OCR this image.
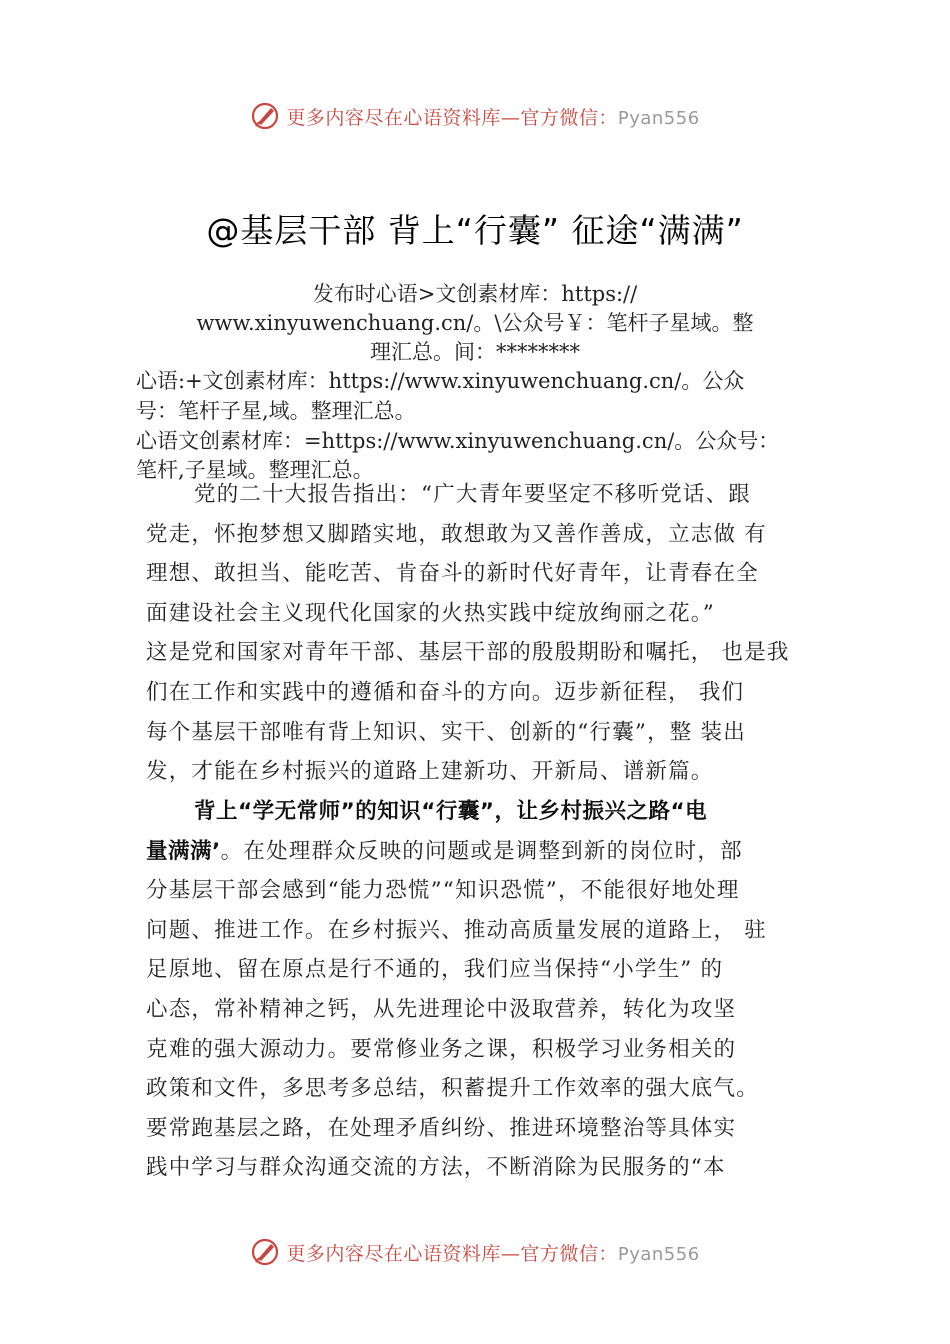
更多内容尽在心语资料库—官方微信：Pyan556
@基层干部 背上“行囊” 征途“满满”
发布时心语>文创素材库：https://
www.xinyuwenchuang.cn/。\公众号￥：笔杆子星域。整
理汇总。间：********
心语:+文创素材库：https://www.xinyuwenchuang.cn/。公众
号：笔杆子星,域。整理汇总。
心语文创素材库：=https://www.xinyuwenchuang.cn/。公众号：
笔杆,子星域。整理汇总。
党的二十大报告指出：“广大青年要坚定不移听党话、跟
党走，怀抱梦想又脚踏实地，敢想敢为又善作善成，立志做 有
理想、敢担当、能吃苦、肯奋斗的新时代好青年，让青春在全
面建设社会主义现代化国家的火热实践中绽放绚丽之花。”
这是党和国家对青年干部、基层干部的殷殷期盼和嘱托， 也是我
们在工作和实践中的遵循和奋斗的方向。迈步新征程， 我们
每个基层干部唯有背上知识、实干、创新的“行囊”，整 装出
发，才能在乡村振兴的道路上建新功、开新局、谱新篇。
背上“学无常师”的知识“行囊”，让乡村振兴之路“电
量满满’。在处理群众反映的问题或是调整到新的岗位时，部
分基层干部会感到“能力恐慌”“知识恐慌”，不能很好地处理
问题、推进工作。在乡村振兴、推动高质量发展的道路上， 驻
足原地、留在原点是行不通的，我们应当保持“小学生” 的
心态，常补精神之钙，从先进理论中汲取营养，转化为攻坚
克难的强大源动力。要常修业务之课，积极学习业务相关的
政策和文件，多思考多总结，积蓄提升工作效率的强大底气。
要常跑基层之路，在处理矛盾纠纷、推进环境整治等具体实
践中学习与群众沟通交流的方法，不断消除为民服务的“本
更多内容尽在心语资料库—官方微信：Pyan556
